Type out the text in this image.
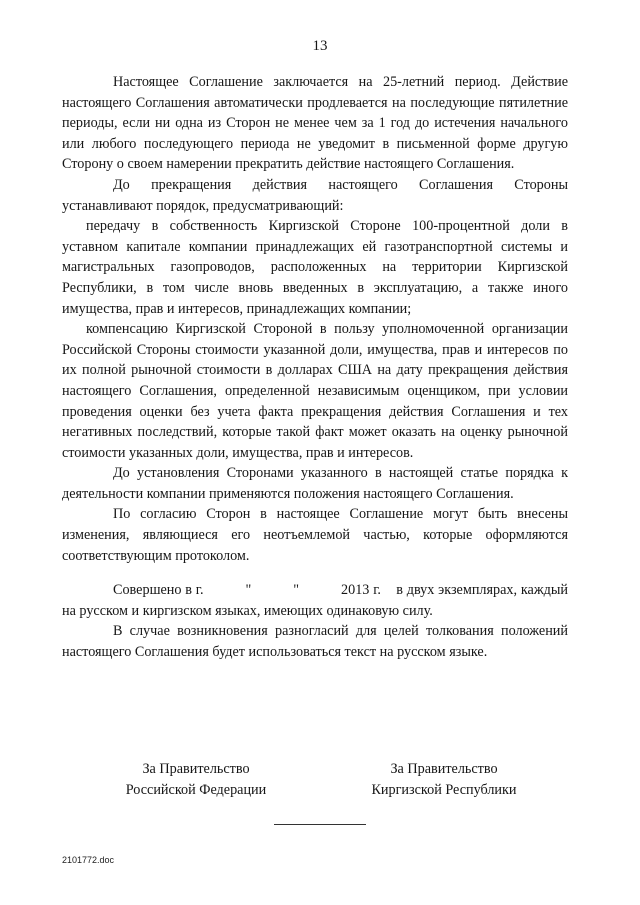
13

Настоящее Соглашение заключается на 25-летний период. Действие настоящего Соглашения автоматически продлевается на последующие пятилетние периоды, если ни одна из Сторон не менее чем за 1 год до истечения начального или любого последующего периода не уведомит в письменной форме другую Сторону о своем намерении прекратить действие настоящего Соглашения.

До прекращения действия настоящего Соглашения Стороны устанавливают порядок, предусматривающий:

передачу в собственность Киргизской Стороне 100-процентной доли в уставном капитале компании принадлежащих ей газотранспортной системы и магистральных газопроводов, расположенных на территории Киргизской Республики, в том числе вновь введенных в эксплуатацию, а также иного имущества, прав и интересов, принадлежащих компании;

компенсацию Киргизской Стороной в пользу уполномоченной организации Российской Стороны стоимости указанной доли, имущества, прав и интересов по их полной рыночной стоимости в долларах США на дату прекращения действия настоящего Соглашения, определенной независимым оценщиком, при условии проведения оценки без учета факта прекращения действия Соглашения и тех негативных последствий, которые такой факт может оказать на оценку рыночной стоимости указанных доли, имущества, прав и интересов.

До установления Сторонами указанного в настоящей статье порядка к деятельности компании применяются положения настоящего Соглашения.

По согласию Сторон в настоящее Соглашение могут быть внесены изменения, являющиеся его неотъемлемой частью, которые оформляются соответствующим протоколом.

Совершено в г.           "           "           2013 г.    в двух экземплярах, каждый на русском и киргизском языках, имеющих одинаковую силу.

В случае возникновения разногласий для целей толкования положений настоящего Соглашения будет использоваться текст на русском языке.

За Правительство
Российской Федерации
За Правительство
Киргизской Республики
2101772.doc
